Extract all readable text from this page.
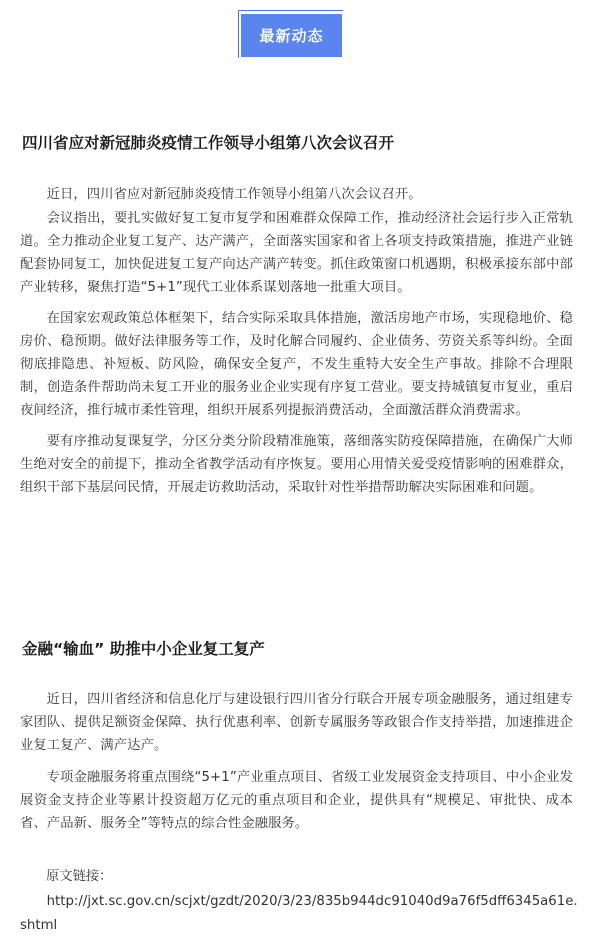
最新动态
四川省应对新冠肺炎疫情工作领导小组第八次会议召开

近日，四川省应对新冠肺炎疫情工作领导小组第八次会议召开。

会议指出，要扎实做好复工复市复学和困难群众保障工作，推动经济社会运行步入正常轨道。全力推动企业复工复产、达产满产，全面落实国家和省上各项支持政策措施，推进产业链配套协同复工，加快促进复工复产向达产满产转变。抓住政策窗口机遇期，积极承接东部中部产业转移，聚焦打造“5+1”现代工业体系谋划落地一批重大项目。

在国家宏观政策总体框架下，结合实际采取具体措施，激活房地产市场，实现稳地价、稳房价、稳预期。做好法律服务等工作，及时化解合同履约、企业债务、劳资关系等纠纷。全面彻底排隐患、补短板、防风险，确保安全复产，不发生重特大安全生产事故。排除不合理限制，创造条件帮助尚未复工开业的服务业企业实现有序复工营业。要支持城镇复市复业，重启夜间经济，推行城市柔性管理，组织开展系列提振消费活动，全面激活群众消费需求。

要有序推动复课复学，分区分类分阶段精准施策，落细落实防疫保障措施，在确保广大师生绝对安全的前提下，推动全省教学活动有序恢复。要用心用情关爱受疫情影响的困难群众，组织干部下基层问民情，开展走访救助活动，采取针对性举措帮助解决实际困难和问题。

金融“输血” 助推中小企业复工复产

近日，四川省经济和信息化厅与建设银行四川省分行联合开展专项金融服务，通过组建专家团队、提供足额资金保障、执行优惠利率、创新专属服务等政银合作支持举措，加速推进企业复工复产、满产达产。

专项金融服务将重点围绕“5+1”产业重点项目、省级工业发展资金支持项目、中小企业发展资金支持企业等累计投资超万亿元的重点项目和企业，提供具有“规模足、审批快、成本省、产品新、服务全”等特点的综合性金融服务。

原文链接：

http://jxt.sc.gov.cn/scjxt/gzdt/2020/3/23/835b944dc91040d9a76f5dff6345a61e.shtml
